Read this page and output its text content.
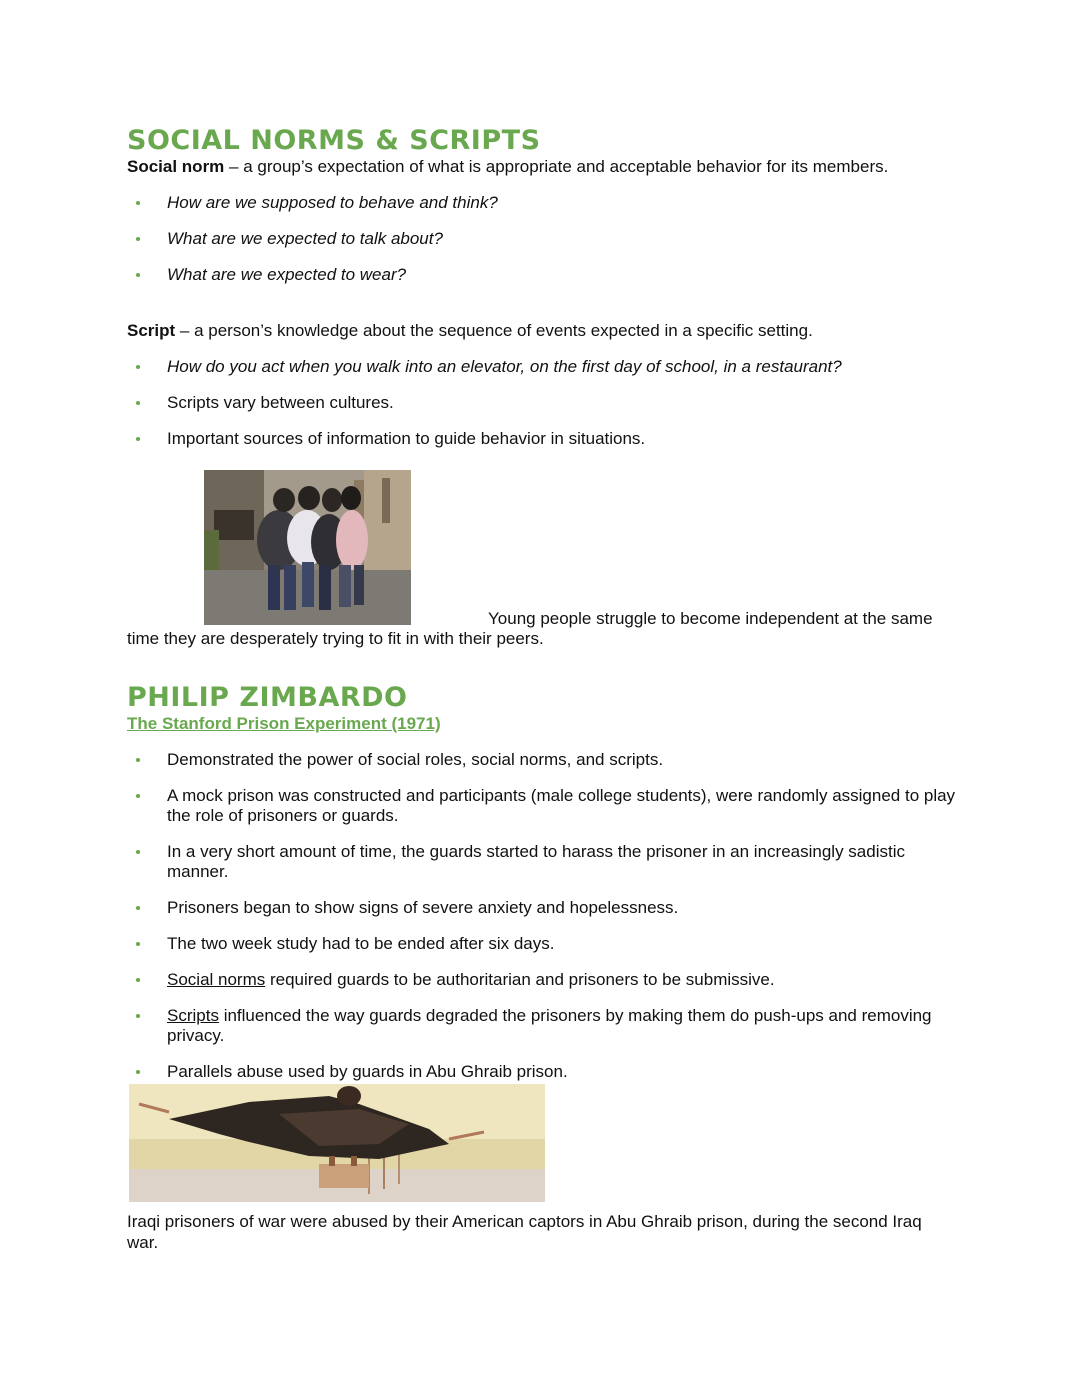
SOCIAL NORMS & SCRIPTS

Social norm – a group’s expectation of what is appropriate and acceptable behavior for its members.

How are we supposed to behave and think?
What are we expected to talk about?
What are we expected to wear?

Script – a person’s knowledge about the sequence of events expected in a specific setting.

How do you act when you walk into an elevator, on the first day of school, in a restaurant?
Scripts vary between cultures.
Important sources of information to guide behavior in situations.

Young people struggle to become independent at the same

time they are desperately trying to fit in with their peers.

PHILIP ZIMBARDO

The Stanford Prison Experiment (1971)

Demonstrated the power of social roles, social norms, and scripts.
A mock prison was constructed and participants (male college students), were randomly assigned to play the role of prisoners or guards.
In a very short amount of time, the guards started to harass the prisoner in an increasingly sadistic manner.
Prisoners began to show signs of severe anxiety and hopelessness.
The two week study had to be ended after six days.
Social norms required guards to be authoritarian and prisoners to be submissive.
Scripts influenced the way guards degraded the prisoners by making them do push-ups and removing privacy.
Parallels abuse used by guards in Abu Ghraib prison.

Iraqi prisoners of war were abused by their American captors in Abu Ghraib prison, during the second Iraq war.
